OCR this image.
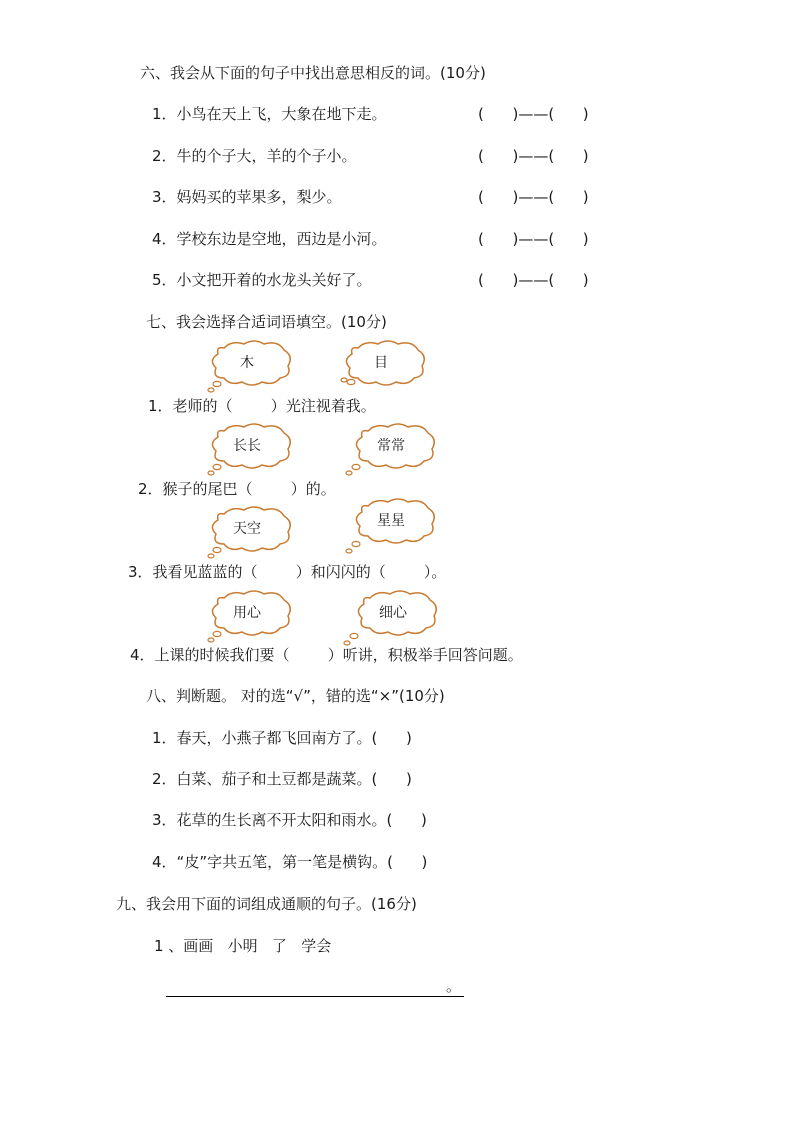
六、我会从下面的句子中找出意思相反的词。(10分)
1．小鸟在天上飞，大象在地下走。	(      )——(      )
2．牛的个子大，羊的个子小。	(      )——(      )
3．妈妈买的苹果多，梨少。	(      )——(      )
4．学校东边是空地，西边是小河。	(      )——(      )
5．小文把开着的水龙头关好了。	(      )——(      )
七、我会选择合适词语填空。(10分)
木	目
1．老师的（        ）光注视着我。
长长	常常
2．猴子的尾巴（        ）的。
天空	星星
3．我看见蓝蓝的（        ）和闪闪的（        ）。
用心	细心
4．上课的时候我们要（        ）听讲，积极举手回答问题。
八、判断题。 对的选“√”，错的选“×”(10分)
1．春天，小燕子都飞回南方了。(      )
2．白菜、茄子和土豆都是蔬菜。(      )
3．花草的生长离不开太阳和雨水。(      )
4．“皮”字共五笔，第一笔是横钩。(      )
九、我会用下面的词组成通顺的句子。(16分)
1 、画画   小明   了   学会
。
